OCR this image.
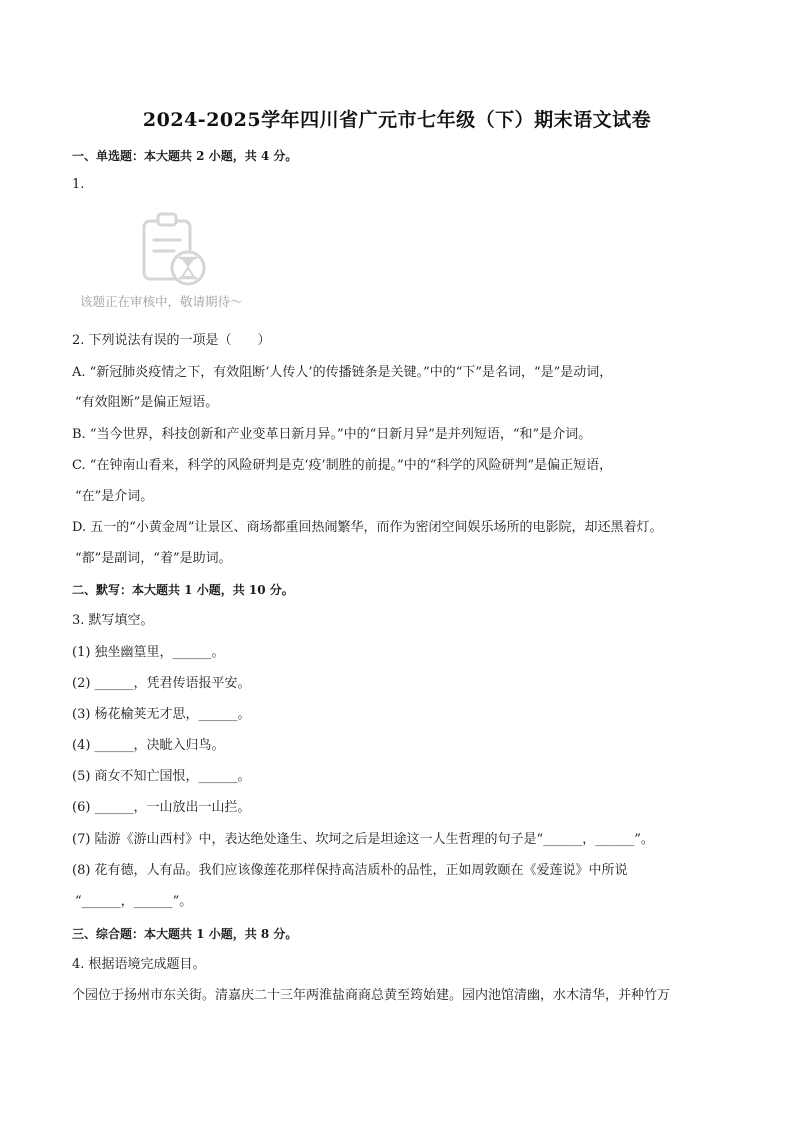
2024-2025学年四川省广元市七年级（下）期末语文试卷
一、单选题：本大题共 2 小题，共 4 分。
1.
该题正在审核中，敬请期待～
2. 下列说法有误的一项是（　　）
A. “新冠肺炎疫情之下，有效阻断‘人传人’的传播链条是关键。”中的“下”是名词，“是”是动词，
“有效阻断”是偏正短语。
B. “当今世界，科技创新和产业变革日新月异。”中的“日新月异”是并列短语，“和”是介词。
C. “在钟南山看来，科学的风险研判是克‘疫’制胜的前提。”中的“科学的风险研判”是偏正短语，
“在”是介词。
D. 五一的“小黄金周”让景区、商场都重回热闹繁华，而作为密闭空间娱乐场所的电影院，却还黑着灯。
“都”是副词，“着”是助词。
二、默写：本大题共 1 小题，共 10 分。
3. 默写填空。
(1) 独坐幽篁里，______。
(2) ______，凭君传语报平安。
(3) 杨花榆荚无才思，______。
(4) ______，决眦入归鸟。
(5) 商女不知亡国恨，______。
(6) ______，一山放出一山拦。
(7) 陆游《游山西村》中，表达绝处逢生、坎坷之后是坦途这一人生哲理的句子是“______，______”。
(8) 花有德，人有品。我们应该像莲花那样保持高洁质朴的品性，正如周敦颐在《爱莲说》中所说
“______，______”。
三、综合题：本大题共 1 小题，共 8 分。
4. 根据语境完成题目。
个园位于扬州市东关街。清嘉庆二十三年两淮盐商商总黄至筠始建。园内池馆清幽，水木清华，并种竹万
